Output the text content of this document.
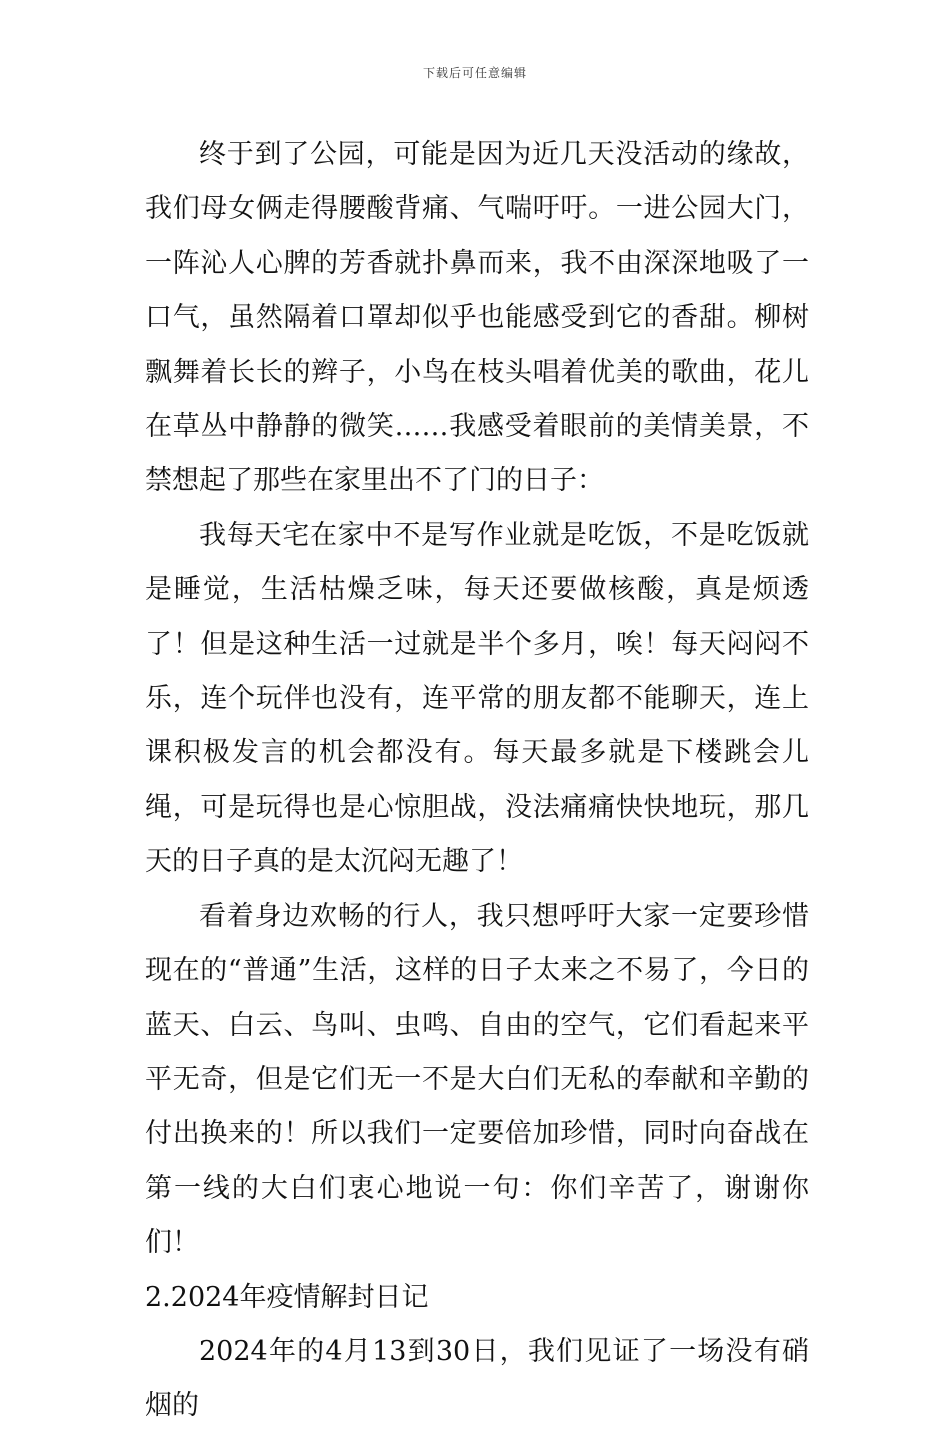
下载后可任意编辑

终于到了公园，可能是因为近几天没活动的缘故，我们母女俩走得腰酸背痛、气喘吁吁。一进公园大门，一阵沁人心脾的芳香就扑鼻而来，我不由深深地吸了一口气，虽然隔着口罩却似乎也能感受到它的香甜。柳树飘舞着长长的辫子，小鸟在枝头唱着优美的歌曲，花儿在草丛中静静的微笑……我感受着眼前的美情美景，不禁想起了那些在家里出不了门的日子：

我每天宅在家中不是写作业就是吃饭，不是吃饭就是睡觉，生活枯燥乏味，每天还要做核酸，真是烦透了！但是这种生活一过就是半个多月，唉！每天闷闷不乐，连个玩伴也没有，连平常的朋友都不能聊天，连上课积极发言的机会都没有。每天最多就是下楼跳会儿绳，可是玩得也是心惊胆战，没法痛痛快快地玩，那几天的日子真的是太沉闷无趣了！

看着身边欢畅的行人，我只想呼吁大家一定要珍惜现在的“普通”生活，这样的日子太来之不易了，今日的蓝天、白云、鸟叫、虫鸣、自由的空气，它们看起来平平无奇，但是它们无一不是大白们无私的奉献和辛勤的付出换来的！所以我们一定要倍加珍惜，同时向奋战在第一线的大白们衷心地说一句：你们辛苦了，谢谢你们！

2.2024年疫情解封日记

2024年的4月13到30日，我们见证了一场没有硝烟的
